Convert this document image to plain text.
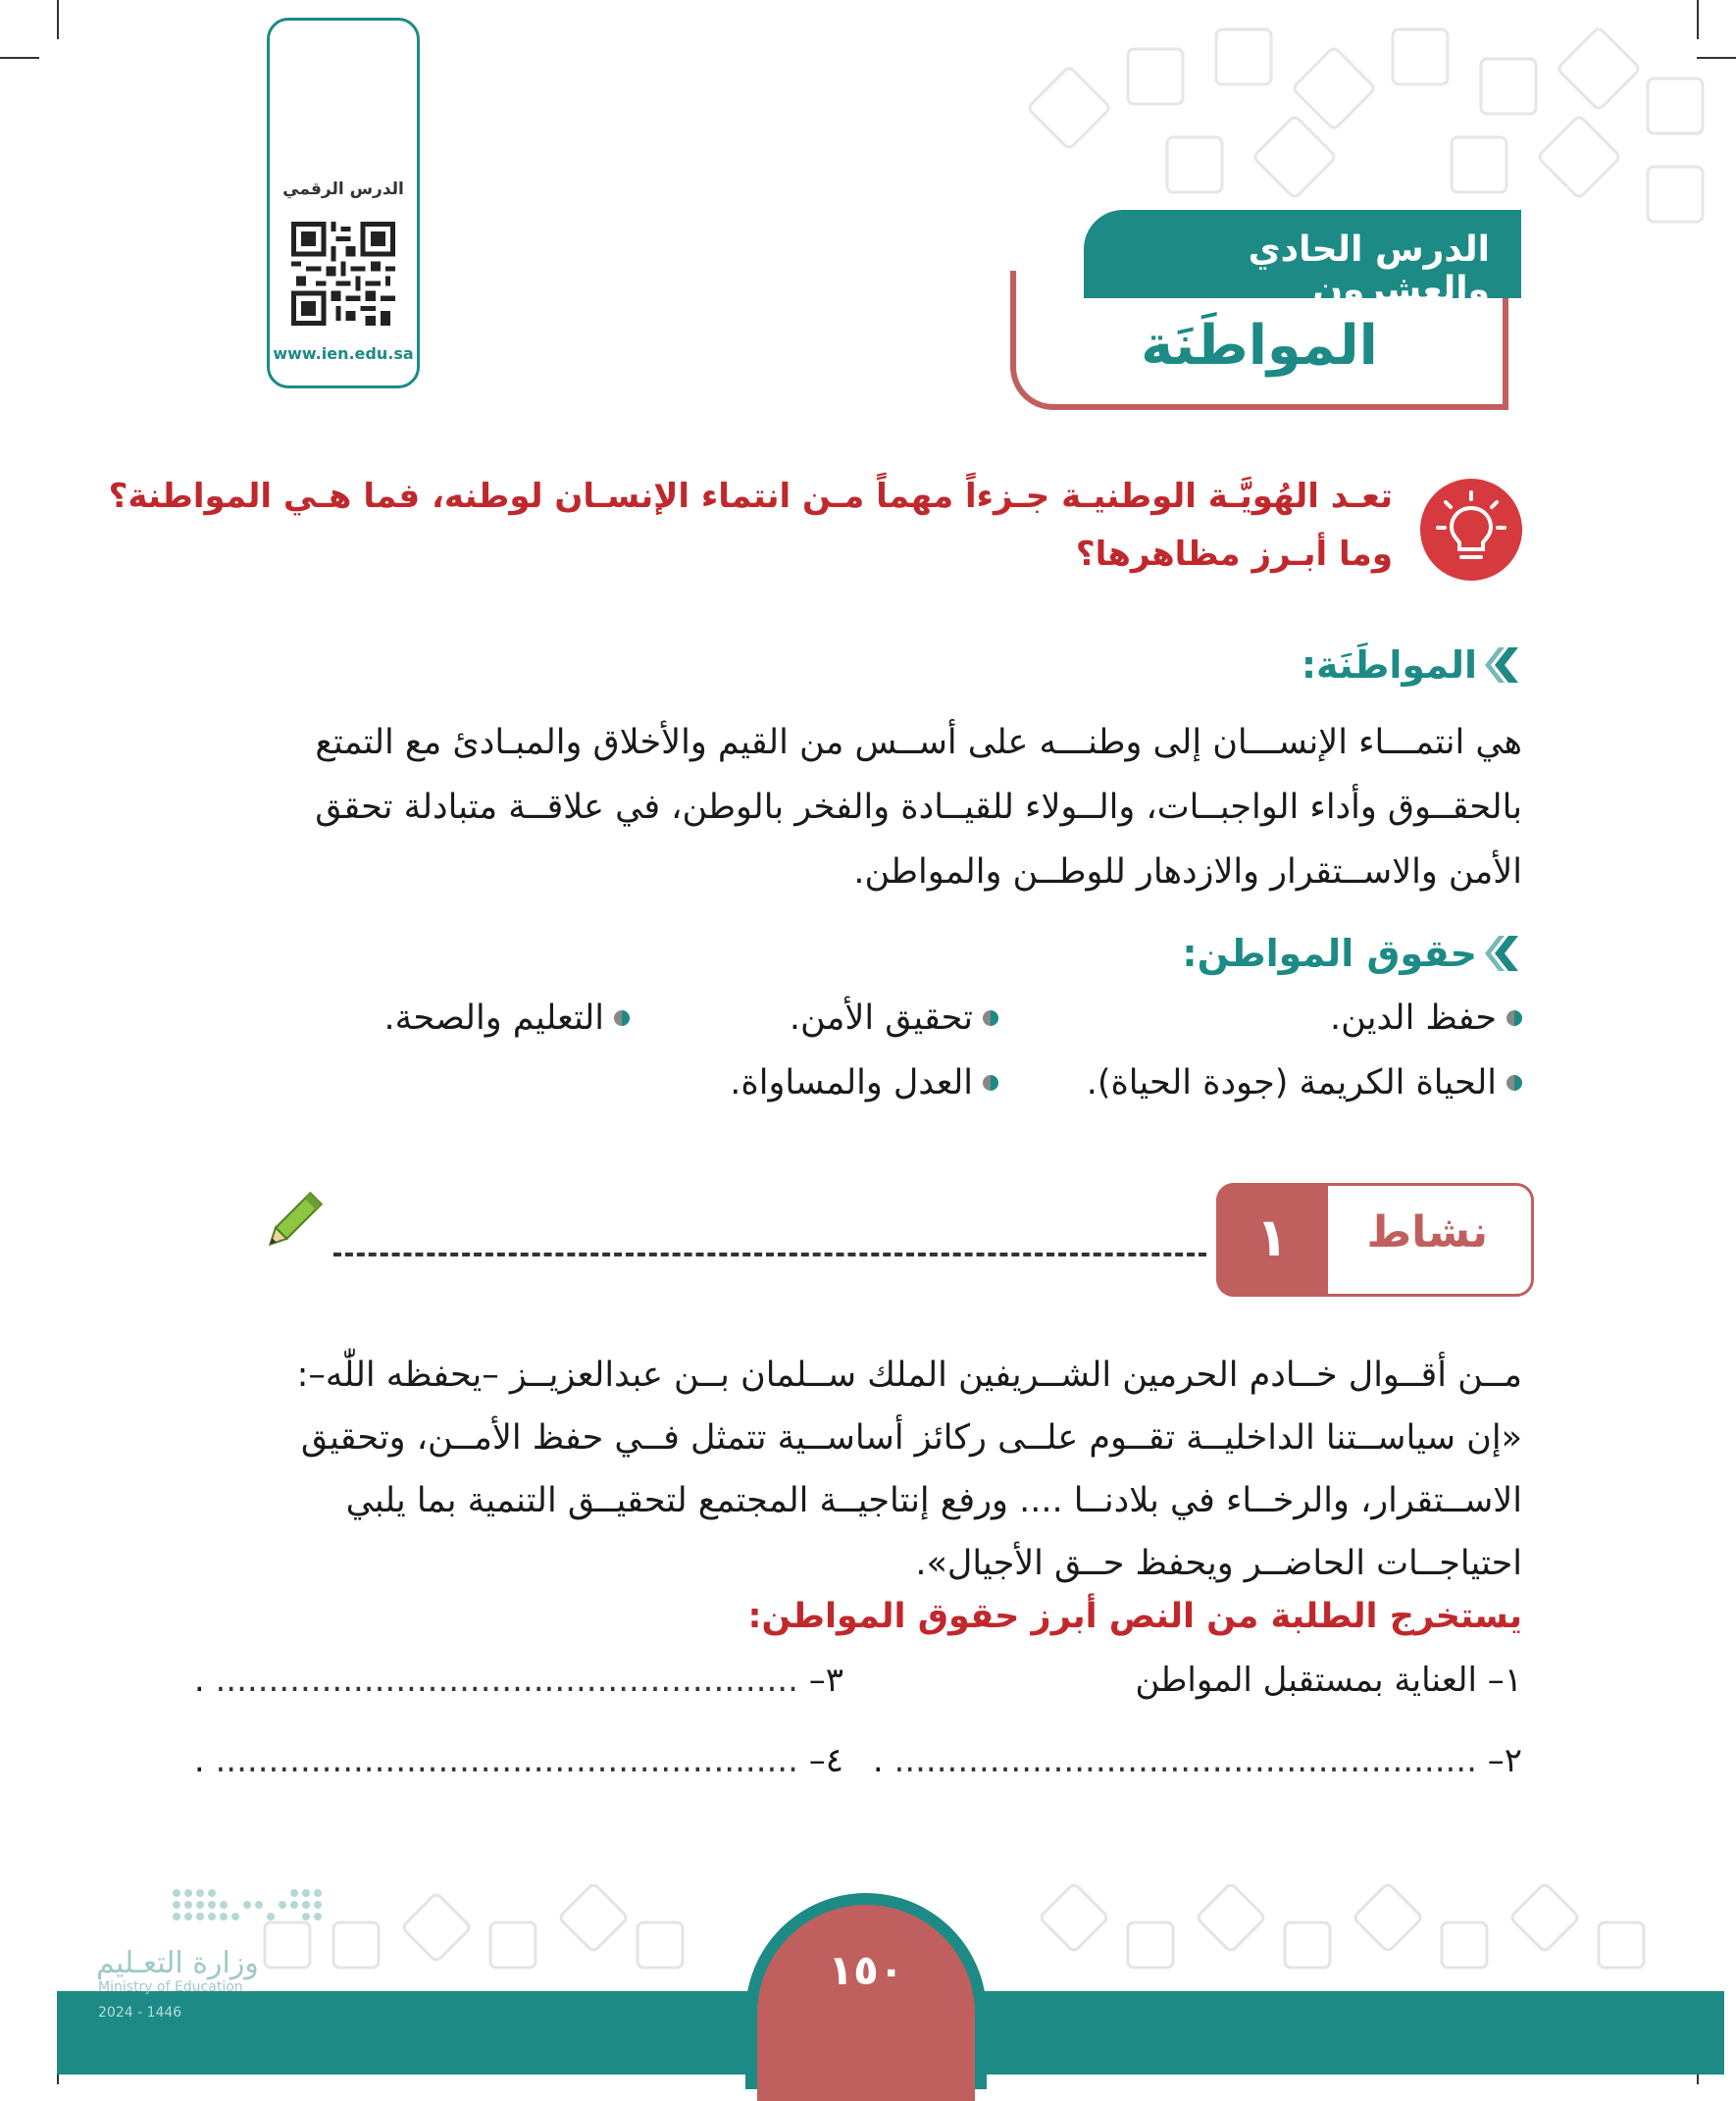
الدرس الرقمي
www.ien.edu.sa	المواطَنَة
الدرس الحادي والعشرون
تعـد الهُويَّـة الوطنيـة جـزءاً مهماً مـن انتماء الإنسـان لوطنه، فما هـي المواطنة؟
وما أبـرز مظاهرها؟
المواطَنَة:
هي انتمـــاء الإنســـان إلى وطنـــه على أســس من القيم والأخلاق والمبـادئ مع التمتع
بالحقــوق وأداء الواجبــات، والــولاء للقيــادة والفخر بالوطن، في علاقــة متبادلة تحقق
الأمن والاســتقرار والازدهار للوطــن والمواطن.
حقوق المواطن:
حفظ الدين.
تحقيق الأمن.
التعليم والصحة.
الحياة الكريمة (جودة الحياة).
العدل والمساواة.
نشاط
١
مــن أقــوال خــادم الحرمين الشــريفين الملك ســلمان بــن عبدالعزيــز –يحفظه اللّٰه–:
«إن سياســتنا الداخليــة تقــوم علــى ركائز أساســية تتمثل فــي حفظ الأمــن، وتحقيق
الاســتقرار، والرخــاء في بلادنــا .... ورفع إنتاجيــة المجتمع لتحقيــق التنمية بما يلبي
احتياجــات الحاضــر ويحفظ حــق الأجيال».
يستخرج الطلبة من النص أبرز حقوق المواطن:
١– العناية بمستقبل المواطن
٢– ....................................................... .
٣– ....................................................... .
٤– ....................................................... .
١٥٠
وزارة التعـليم
Ministry of Education
2024 - 1446
